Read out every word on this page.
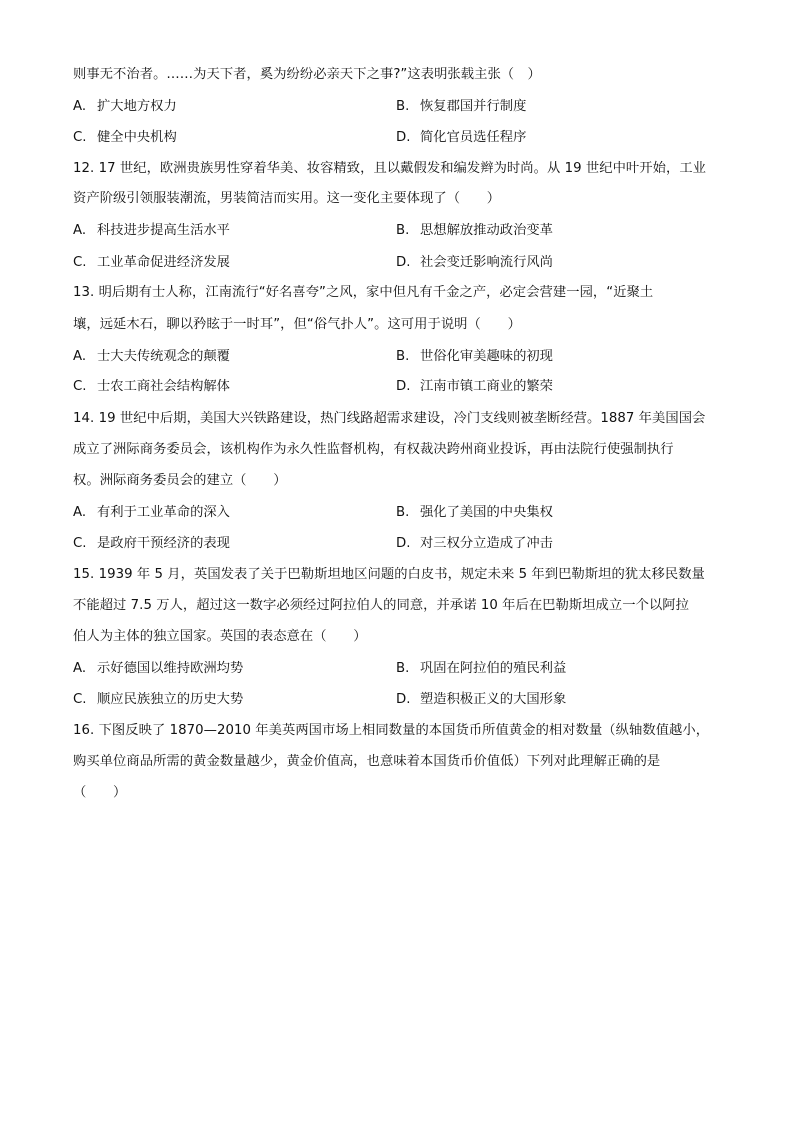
则事无不治者。……为天下者，奚为纷纷必亲天下之事?”这表明张载主张（　）
A. 扩大地方权力	B. 恢复郡国并行制度
C. 健全中央机构	D. 简化官员选任程序
12. 17 世纪，欧洲贵族男性穿着华美、妆容精致，且以戴假发和编发辫为时尚。从 19 世纪中叶开始，工业
资产阶级引领服装潮流，男装简洁而实用。这一变化主要体现了（　　）
A. 科技进步提高生活水平	B. 思想解放推动政治变革
C. 工业革命促进经济发展	D. 社会变迁影响流行风尚
13. 明后期有士人称，江南流行“好名喜夸”之风，家中但凡有千金之产，必定会营建一园，“近聚土
壤，远延木石，聊以矜眩于一时耳”，但“俗气扑人”。这可用于说明（　　）
A. 士大夫传统观念的颠覆	B. 世俗化审美趣味的初现
C. 士农工商社会结构解体	D. 江南市镇工商业的繁荣
14. 19 世纪中后期，美国大兴铁路建设，热门线路超需求建设，冷门支线则被垄断经营。1887 年美国国会
成立了洲际商务委员会，该机构作为永久性监督机构，有权裁决跨州商业投诉，再由法院行使强制执行
权。洲际商务委员会的建立（　　）
A. 有利于工业革命的深入	B. 强化了美国的中央集权
C. 是政府干预经济的表现	D. 对三权分立造成了冲击
15. 1939 年 5 月，英国发表了关于巴勒斯坦地区问题的白皮书，规定未来 5 年到巴勒斯坦的犹太移民数量
不能超过 7.5 万人，超过这一数字必须经过阿拉伯人的同意，并承诺 10 年后在巴勒斯坦成立一个以阿拉
伯人为主体的独立国家。英国的表态意在（　　）
A. 示好德国以维持欧洲均势	B. 巩固在阿拉伯的殖民利益
C. 顺应民族独立的历史大势	D. 塑造积极正义的大国形象
16. 下图反映了 1870—2010 年美英两国市场上相同数量的本国货币所值黄金的相对数量（纵轴数值越小，
购买单位商品所需的黄金数量越少，黄金价值高，也意味着本国货币价值低）下列对此理解正确的是
（　　）
